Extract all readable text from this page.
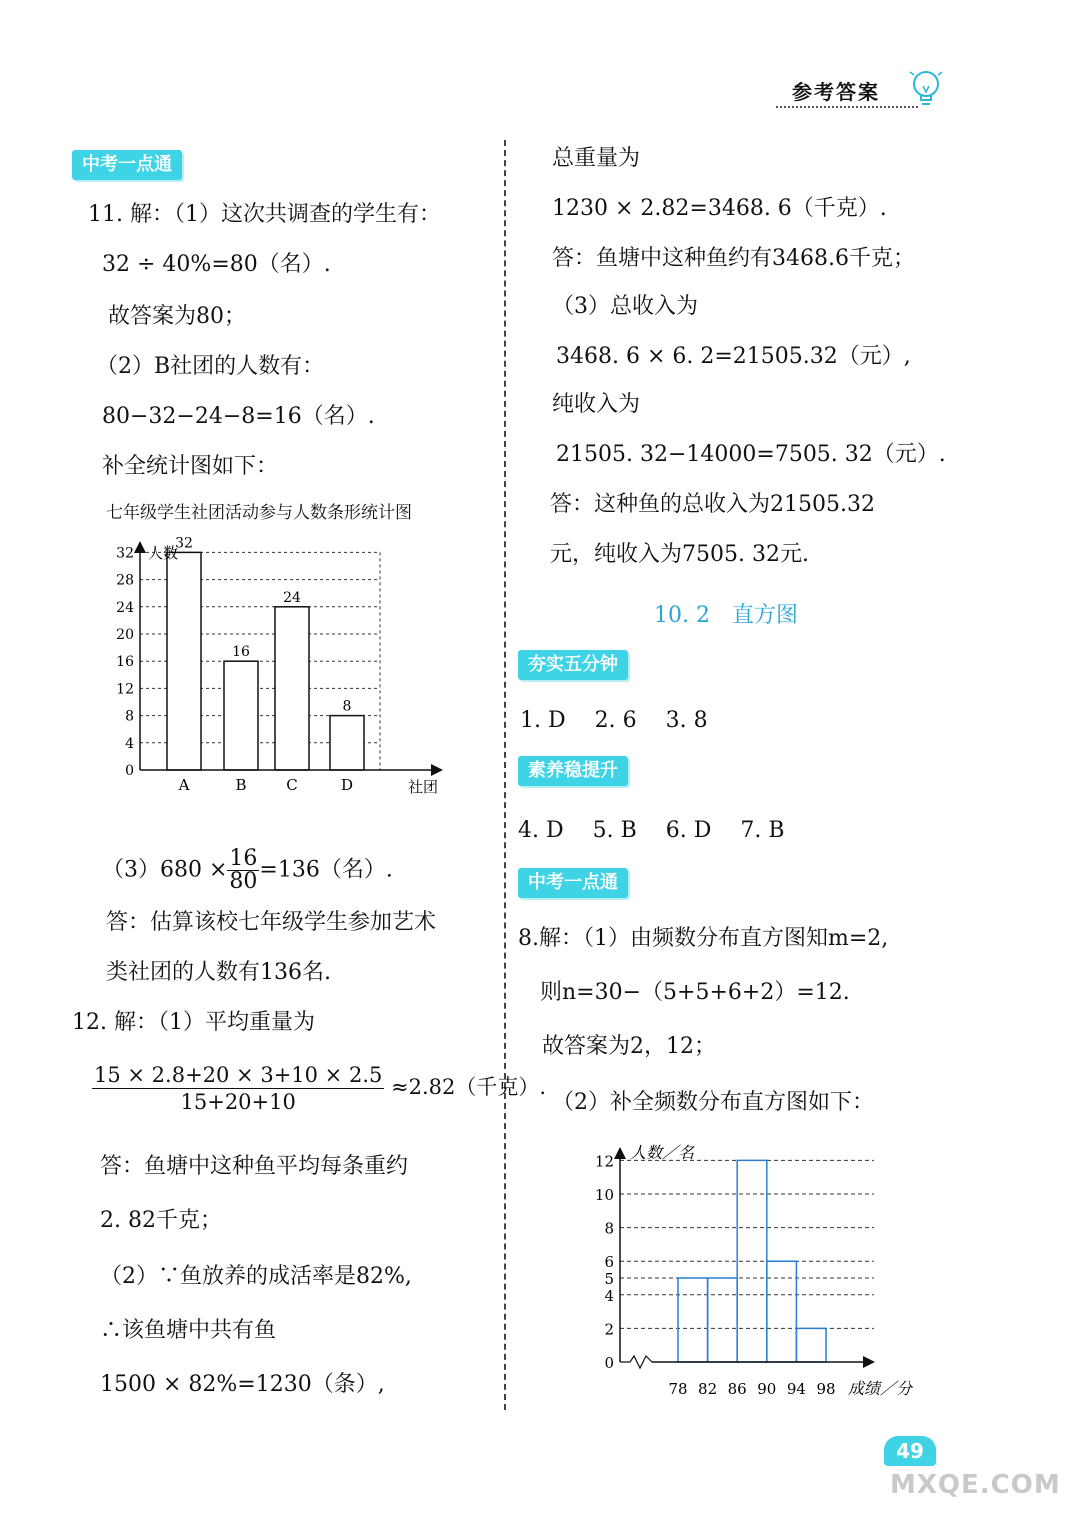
参考答案
中考一点通
11. 解：（1）这次共调查的学生有：
32 ÷ 40%=80（名）.
故答案为80；
（2）B社团的人数有：
80−32−24−8=16（名）.
补全统计图如下：
七年级学生社团活动参与人数条形统计图
0
4
8
12
16
20
24
28
32
32
A
16
B
24
C
8
D
人数
社团
$(3)680 \times \frac{16}{80} =136$（名）.
答：估算该校七年级学生参加艺术
类社团的人数有136名.
12. 解：（1）平均重量为
$\frac{15 \times 2.8+20 \times 3+10 \times 2.5}{15+20+10} \approx 2.82$（千克）.
答：鱼塘中这种鱼平均每条重约
2. 82千克；
（2）∵鱼放养的成活率是82%,
∴该鱼塘中共有鱼
1500 × 82%=1230（条）,
总重量为
1230 × 2.82=3468. 6（千克）.
答：鱼塘中这种鱼约有3468.6千克；
（3）总收入为
3468. 6 × 6. 2=21505.32（元）,
纯收入为
21505. 32−14000=7505. 32（元）.
答：这种鱼的总收入为21505.32
元，纯收入为7505. 32元.
10. 2　直方图
夯实五分钟
1. D　 2. 6　 3. 8
素养稳提升
4. D　 5. B　 6. D　 7. B
中考一点通
8.解：（1）由频数分布直方图知m=2,
则n=30−（5+5+6+2）=12.
故答案为2，12；
（2）补全频数分布直方图如下：
0
2
4
5
6
8
10
12
78 82 86 90 94 98
人数／名
成绩／分
49
MXQE.COM
